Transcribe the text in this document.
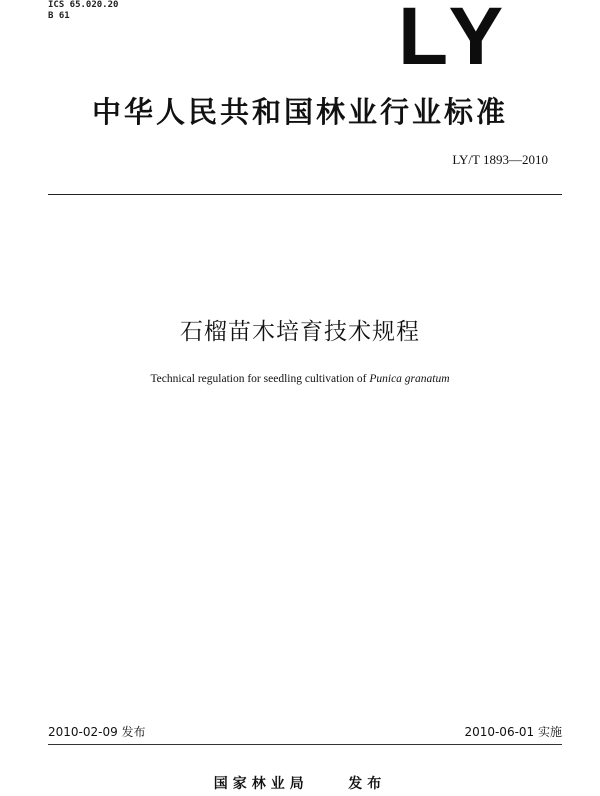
ICS 65.020.20
B 61	LY
中华人民共和国林业行业标准
LY/T 1893—2010
石榴苗木培育技术规程
Technical regulation for seedling cultivation of Punica granatum
2010-02-09 发布	2010-06-01 实施
国家林业局    发布
